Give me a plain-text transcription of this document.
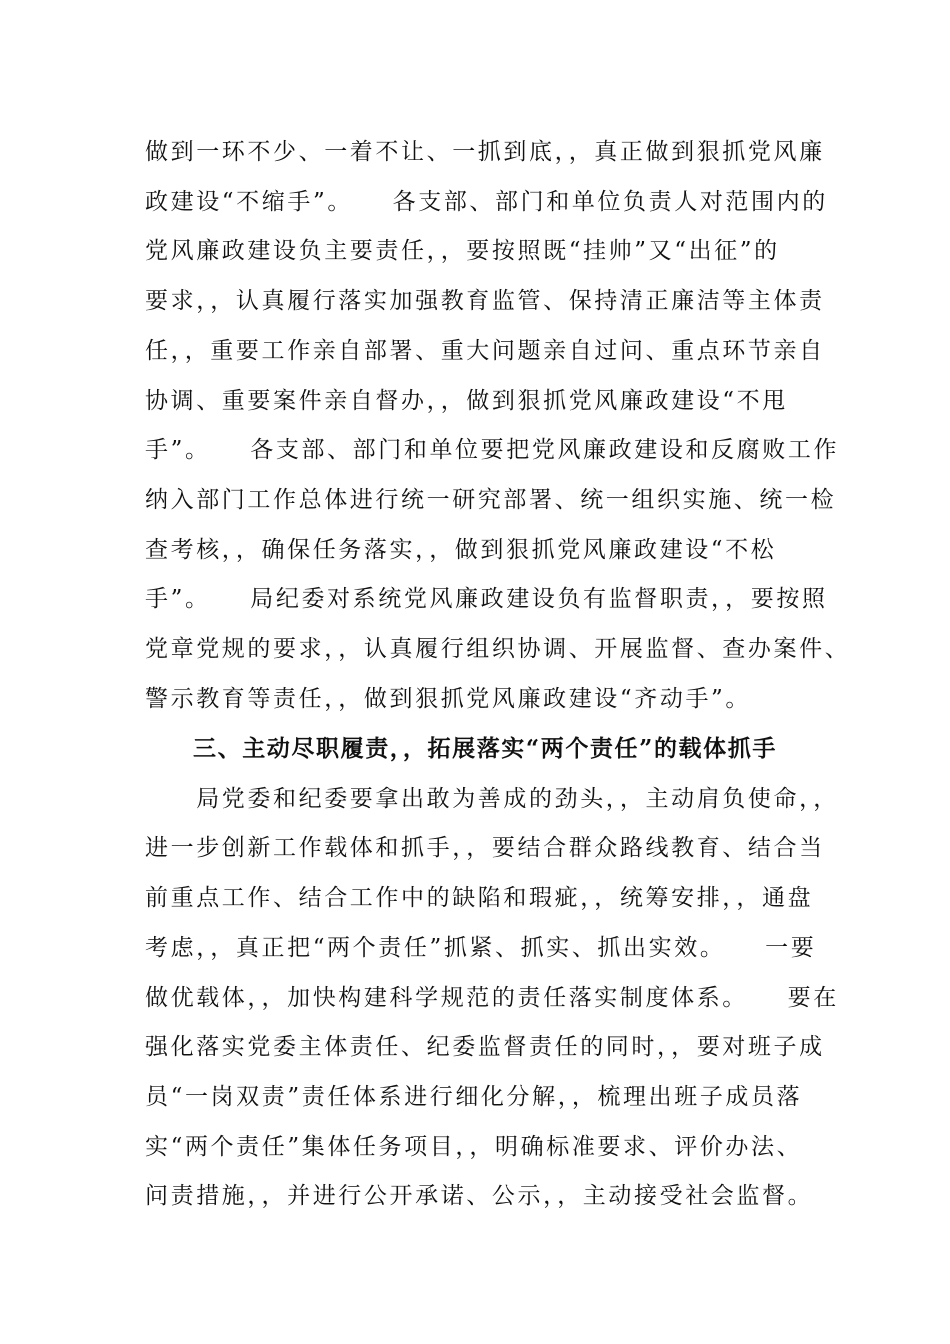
做到一环不少、一着不让、一抓到底，，真正做到狠抓党风廉
政建设“不缩手”。　　各支部、部门和单位负责人对范围内的
党风廉政建设负主要责任，，要按照既“挂帅”又“出征”的
要求，，认真履行落实加强教育监管、保持清正廉洁等主体责
任，，重要工作亲自部署、重大问题亲自过问、重点环节亲自
协调、重要案件亲自督办，，做到狠抓党风廉政建设“不甩
手”。　　各支部、部门和单位要把党风廉政建设和反腐败工作
纳入部门工作总体进行统一研究部署、统一组织实施、统一检
查考核，，确保任务落实，，做到狠抓党风廉政建设“不松
手”。　　局纪委对系统党风廉政建设负有监督职责，，要按照
党章党规的要求，，认真履行组织协调、开展监督、查办案件、
警示教育等责任，，做到狠抓党风廉政建设“齐动手”。
三、主动尽职履责，，拓展落实“两个责任”的载体抓手
　　局党委和纪委要拿出敢为善成的劲头，，主动肩负使命，，
进一步创新工作载体和抓手，，要结合群众路线教育、结合当
前重点工作、结合工作中的缺陷和瑕疵，，统筹安排，，通盘
考虑，，真正把“两个责任”抓紧、抓实、抓出实效。　　一要
做优载体，，加快构建科学规范的责任落实制度体系。　　要在
强化落实党委主体责任、纪委监督责任的同时，，要对班子成
员“一岗双责”责任体系进行细化分解，，梳理出班子成员落
实“两个责任”集体任务项目，，明确标准要求、评价办法、
问责措施，，并进行公开承诺、公示，，主动接受社会监督。
